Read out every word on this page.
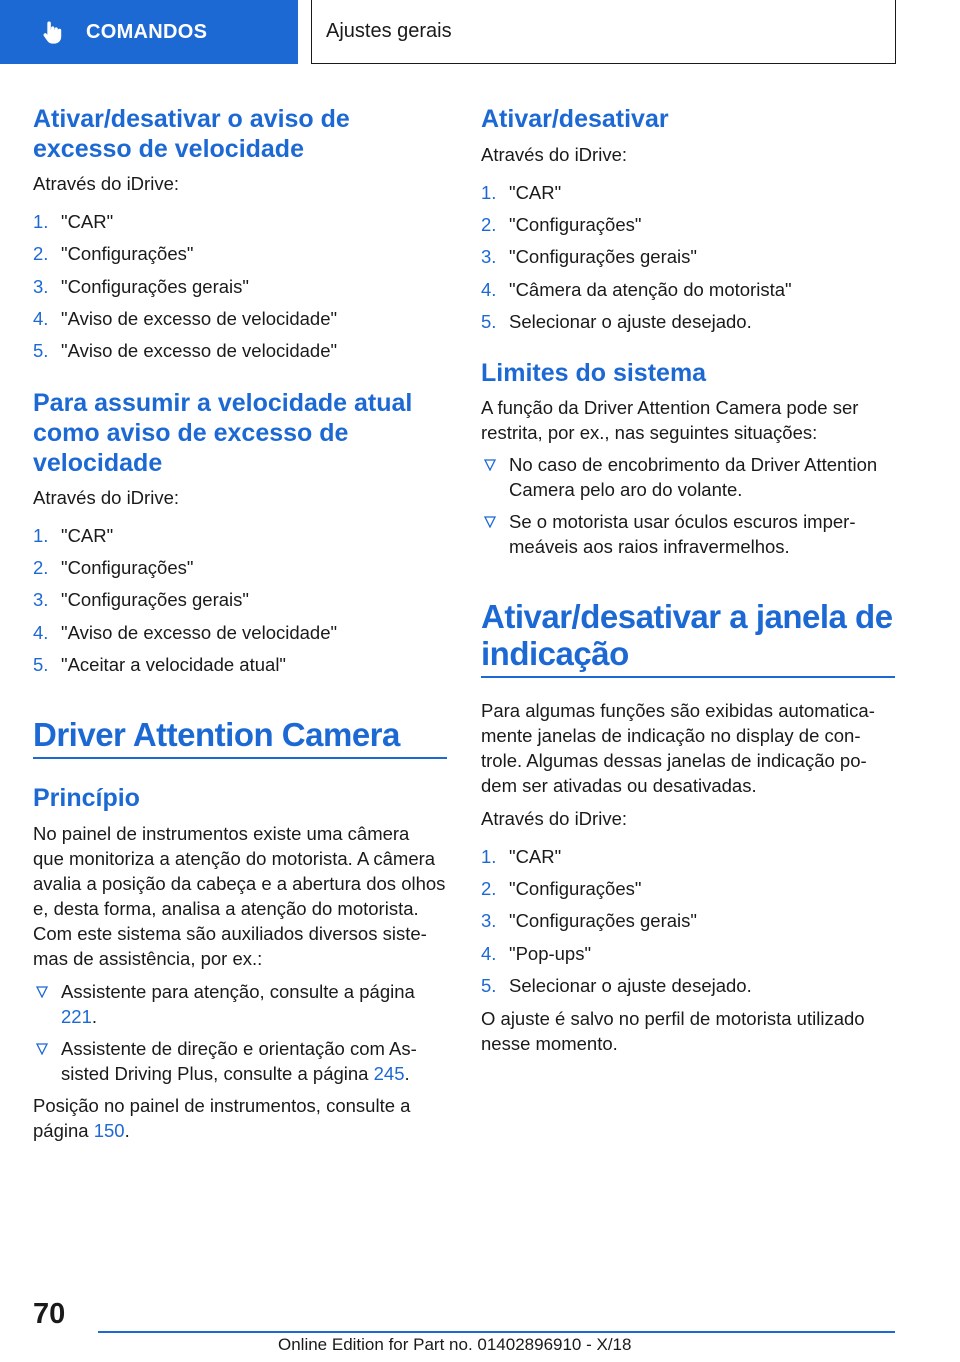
COMANDOS	Ajustes gerais
Ativar/desativar o aviso de
excesso de velocidade
Através do iDrive:
1. "CAR"
2. "Configurações"
3. "Configurações gerais"
4. "Aviso de excesso de velocidade"
5. "Aviso de excesso de velocidade"
Para assumir a velocidade atual
como aviso de excesso de
velocidade
Através do iDrive:
1. "CAR"
2. "Configurações"
3. "Configurações gerais"
4. "Aviso de excesso de velocidade"
5. "Aceitar a velocidade atual"
Driver Attention Camera
Princípio
No painel de instrumentos existe uma câmera
que monitoriza a atenção do motorista. A câmera
avalia a posição da cabeça e a abertura dos olhos
e, desta forma, analisa a atenção do motorista.
Com este sistema são auxiliados diversos siste-
mas de assistência, por ex.:
Assistente para atenção, consulte a página
221.
Assistente de direção e orientação com As-
sisted Driving Plus, consulte a página 245.
Posição no painel de instrumentos, consulte a
página 150.
Ativar/desativar
Através do iDrive:
1. "CAR"
2. "Configurações"
3. "Configurações gerais"
4. "Câmera da atenção do motorista"
5. Selecionar o ajuste desejado.
Limites do sistema
A função da Driver Attention Camera pode ser
restrita, por ex., nas seguintes situações:
No caso de encobrimento da Driver Attention
Camera pelo aro do volante.
Se o motorista usar óculos escuros imper-
meáveis aos raios infravermelhos.
Ativar/desativar a janela de
indicação
Para algumas funções são exibidas automatica-
mente janelas de indicação no display de con-
trole. Algumas dessas janelas de indicação po-
dem ser ativadas ou desativadas.
Através do iDrive:
1. "CAR"
2. "Configurações"
3. "Configurações gerais"
4. "Pop-ups"
5. Selecionar o ajuste desejado.
O ajuste é salvo no perfil de motorista utilizado
nesse momento.
70
Online Edition for Part no. 01402896910 - X/18
